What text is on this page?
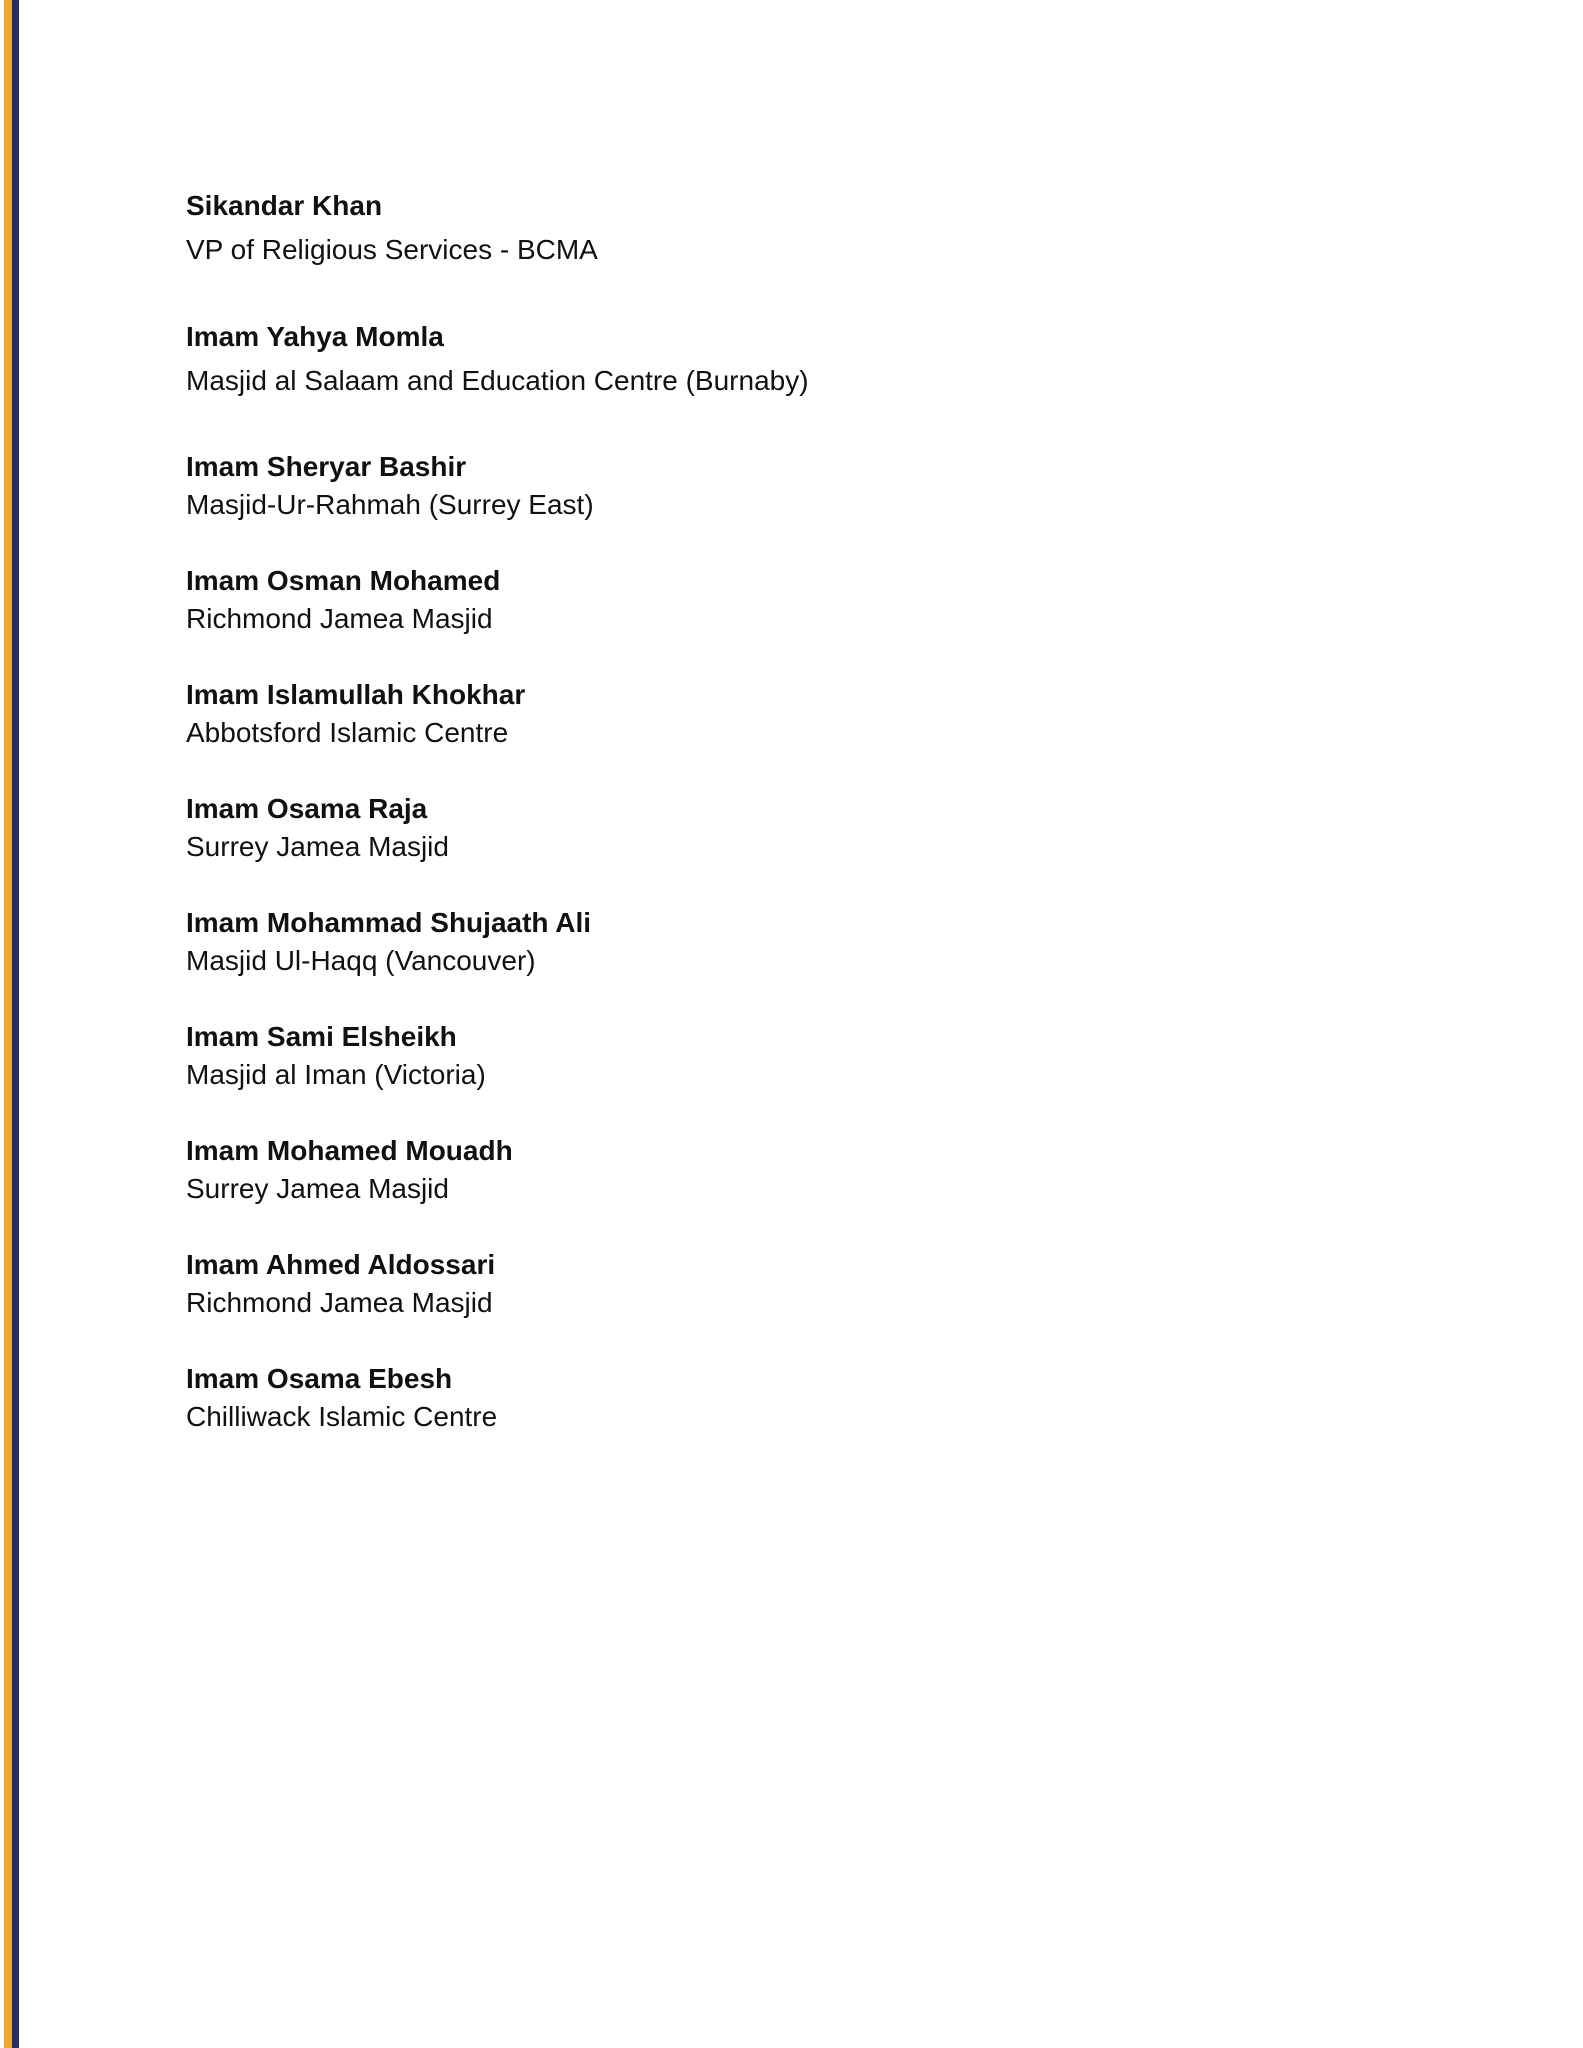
Sikandar Khan
VP of Religious Services - BCMA
Imam Yahya Momla
Masjid al Salaam and Education Centre (Burnaby)
Imam Sheryar Bashir
Masjid-Ur-Rahmah (Surrey East)
Imam Osman Mohamed
Richmond Jamea Masjid
Imam Islamullah Khokhar
Abbotsford Islamic Centre
Imam Osama Raja
Surrey Jamea Masjid
Imam Mohammad Shujaath Ali
Masjid Ul-Haqq (Vancouver)
Imam Sami Elsheikh
Masjid al Iman (Victoria)
Imam Mohamed Mouadh
Surrey Jamea Masjid
Imam Ahmed Aldossari
Richmond Jamea Masjid
Imam Osama Ebesh
Chilliwack Islamic Centre
